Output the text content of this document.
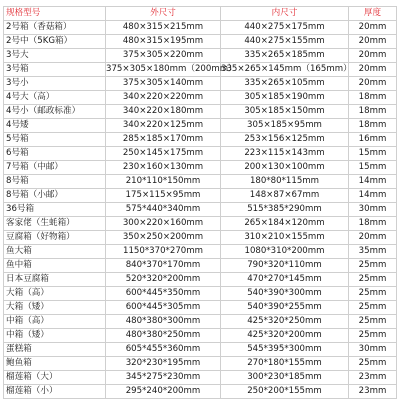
规格型号	外尺寸	内尺寸	厚度
2号箱（香菇箱）	480×315×215mm	440×275×175mm	20mm
2号中（5KG箱）	480×315×195mm	440×275×155mm	20mm
3号大	375×305×220mm	335×265×185mm	20mm
3号箱	375×305×180mm（200mm）	335×265×145mm（165mm）	20mm
3号小	375×305×140mm	335×265×105mm	20mm
4号大（高）	340×220×220mm	305×185×190mm	18mm
4号小（邮政标准）	340×220×180mm	305×185×150mm	18mm
4号矮	340×220×125mm	305×185×95mm	18mm
5号箱	285×185×170mm	253×156×125mm	16mm
6号箱	250×145×175mm	223×115×143mm	15mm
7号箱（中邮）	230×160×130mm	200×130×100mm	15mm
8号箱	210*110*150mm	180*80*115mm	14mm
8号箱（小邮）	175×115×95mm	148×87×67mm	14mm
36号箱	575*440*340mm	515*385*290mm	30mm
客家佬（生蚝箱）	300×220×160mm	265×184×120mm	18mm
豆腐箱（好物箱）	350×250×200mm	310×210×155mm	20mm
鱼大箱	1150*370*270mm	1080*310*200mm	35mm
鱼中箱	840*370*170mm	790*320*110mm	25mm
日本豆腐箱	520*320*200mm	470*270*145mm	25mm
大箱（高）	600*445*350mm	540*390*300mm	25mm
大箱（矮）	600*445*305mm	540*390*255mm	25mm
中箱（高）	480*380*300mm	425*320*250mm	25mm
中箱（矮）	480*380*250mm	425*320*200mm	25mm
蛋糕箱	605*455*360mm	545*395*300mm	30mm
鲍鱼箱	320*230*195mm	270*180*155mm	25mm
榴莲箱（大）	345*275*230mm	300*230*185mm	23mm
榴莲箱（小）	295*240*200mm	250*200*155mm	23mm
